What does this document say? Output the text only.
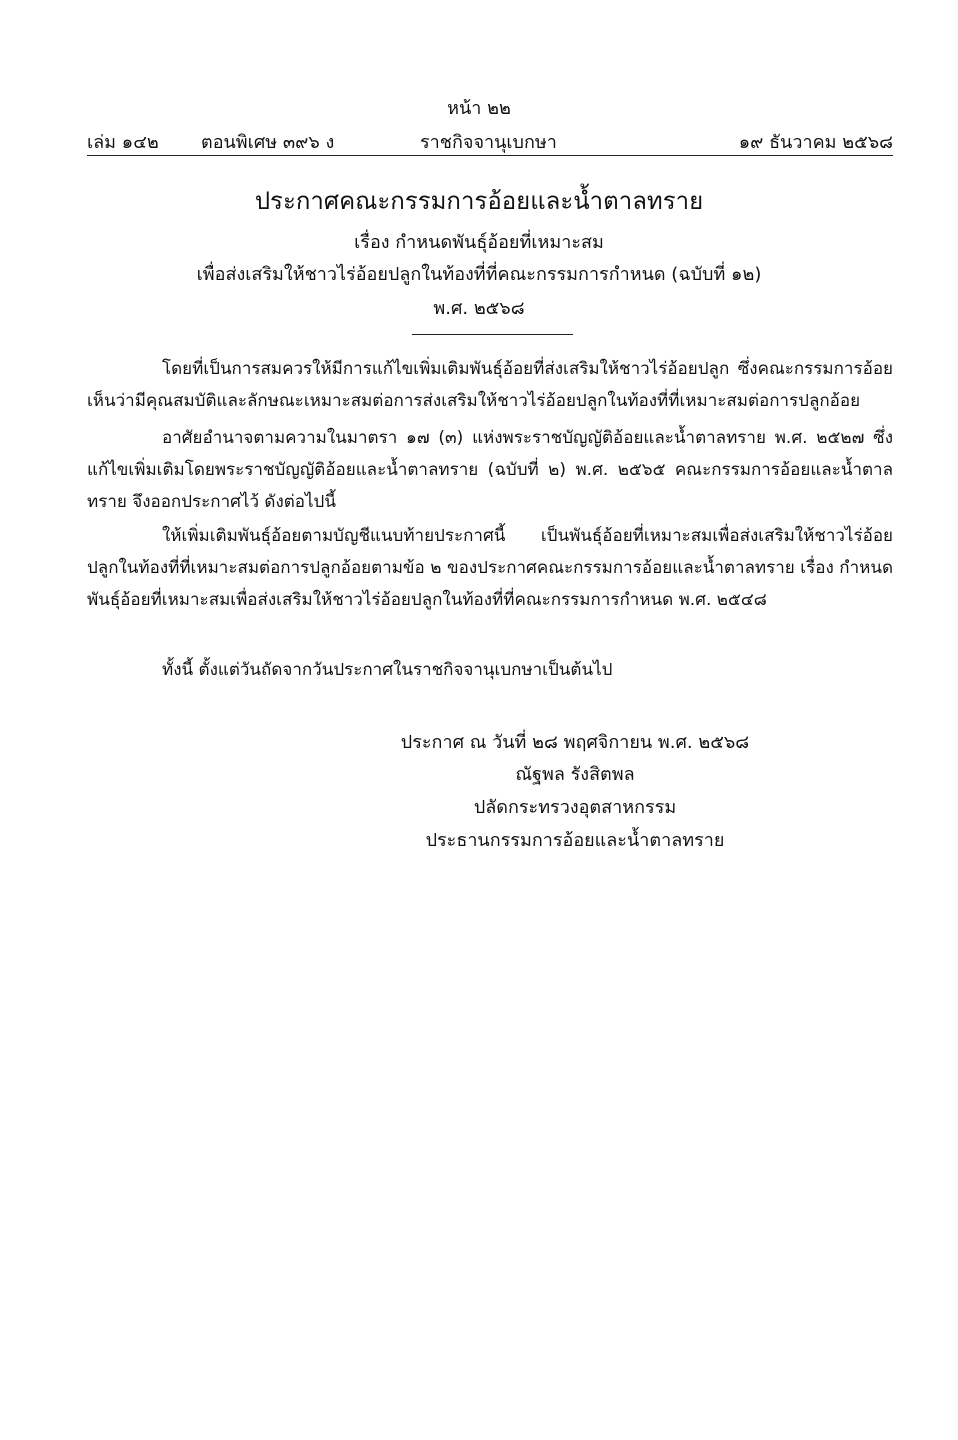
หน้า ๒๒
เล่ม ๑๔๒ ตอนพิเศษ ๓๙๖ ง	ราชกิจจานุเบกษา	๑๙ ธันวาคม ๒๕๖๘
ประกาศคณะกรรมการอ้อยและน้ำตาลทราย
เรื่อง กำหนดพันธุ์อ้อยที่เหมาะสม
เพื่อส่งเสริมให้ชาวไร่อ้อยปลูกในท้องที่ที่คณะกรรมการกำหนด (ฉบับที่ ๑๒)
พ.ศ. ๒๕๖๘

โดยที่เป็นการสมควรให้มีการแก้ไขเพิ่มเติมพันธุ์อ้อยที่ส่งเสริมให้ชาวไร่อ้อยปลูก ซึ่งคณะกรรมการอ้อยเห็นว่ามีคุณสมบัติและลักษณะเหมาะสมต่อการส่งเสริมให้ชาวไร่อ้อยปลูกในท้องที่ที่เหมาะสมต่อการปลูกอ้อย

อาศัยอำนาจตามความในมาตรา ๑๗ (๓) แห่งพระราชบัญญัติอ้อยและน้ำตาลทราย พ.ศ. ๒๕๒๗ ซึ่งแก้ไขเพิ่มเติมโดยพระราชบัญญัติอ้อยและน้ำตาลทราย (ฉบับที่ ๒) พ.ศ. ๒๕๖๕ คณะกรรมการอ้อยและน้ำตาลทราย จึงออกประกาศไว้ ดังต่อไปนี้

ให้เพิ่มเติมพันธุ์อ้อยตามบัญชีแนบท้ายประกาศนี้ เป็นพันธุ์อ้อยที่เหมาะสมเพื่อส่งเสริมให้ชาวไร่อ้อยปลูกในท้องที่ที่เหมาะสมต่อการปลูกอ้อยตามข้อ ๒ ของประกาศคณะกรรมการอ้อยและน้ำตาลทราย เรื่อง กำหนดพันธุ์อ้อยที่เหมาะสมเพื่อส่งเสริมให้ชาวไร่อ้อยปลูกในท้องที่ที่คณะกรรมการกำหนด พ.ศ. ๒๕๔๘

ทั้งนี้ ตั้งแต่วันถัดจากวันประกาศในราชกิจจานุเบกษาเป็นต้นไป

ประกาศ ณ วันที่ ๒๘ พฤศจิกายน พ.ศ. ๒๕๖๘
ณัฐพล รังสิตพล
ปลัดกระทรวงอุตสาหกรรม
ประธานกรรมการอ้อยและน้ำตาลทราย
